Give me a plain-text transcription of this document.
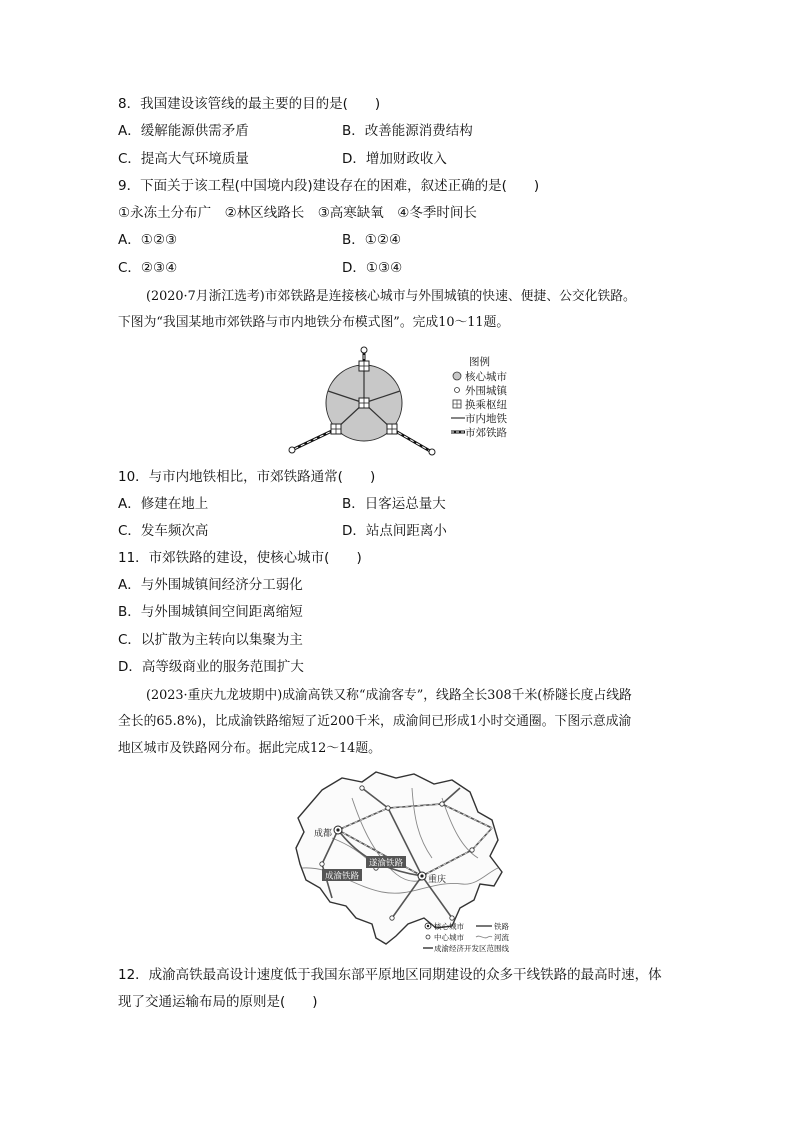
8．我国建设该管线的最主要的目的是(　　)
A．缓解能源供需矛盾	B．改善能源消费结构
C．提高大气环境质量	D．增加财政收入
9．下面关于该工程(中国境内段)建设存在的困难，叙述正确的是(　　)
①永冻土分布广　②林区线路长　③高寒缺氧　④冬季时间长
A．①②③	B．①②④
C．②③④	D．①③④
(2020·7月浙江选考)市郊铁路是连接核心城市与外围城镇的快速、便捷、公交化铁路。
下图为“我国某地市郊铁路与市内地铁分布模式图”。完成10～11题。
图例
核心城市
外围城镇
换乘枢纽
市内地铁
市郊铁路
10．与市内地铁相比，市郊铁路通常(　　)
A．修建在地上	B．日客运总量大
C．发车频次高	D．站点间距离小
11．市郊铁路的建设，使核心城市(　　)
A．与外围城镇间经济分工弱化
B．与外围城镇间空间距离缩短
C．以扩散为主转向以集聚为主
D．高等级商业的服务范围扩大
(2023·重庆九龙坡期中)成渝高铁又称“成渝客专”，线路全长308千米(桥隧长度占线路
全长的65.8%)，比成渝铁路缩短了近200千米，成渝间已形成1小时交通圈。下图示意成渝
地区城市及铁路网分布。据此完成12～14题。
成都
重庆
遂渝铁路
成渝铁路
核心城市	铁路
中心城市	河流
成渝经济开发区范围线
12．成渝高铁最高设计速度低于我国东部平原地区同期建设的众多干线铁路的最高时速，体
现了交通运输布局的原则是(　　)
